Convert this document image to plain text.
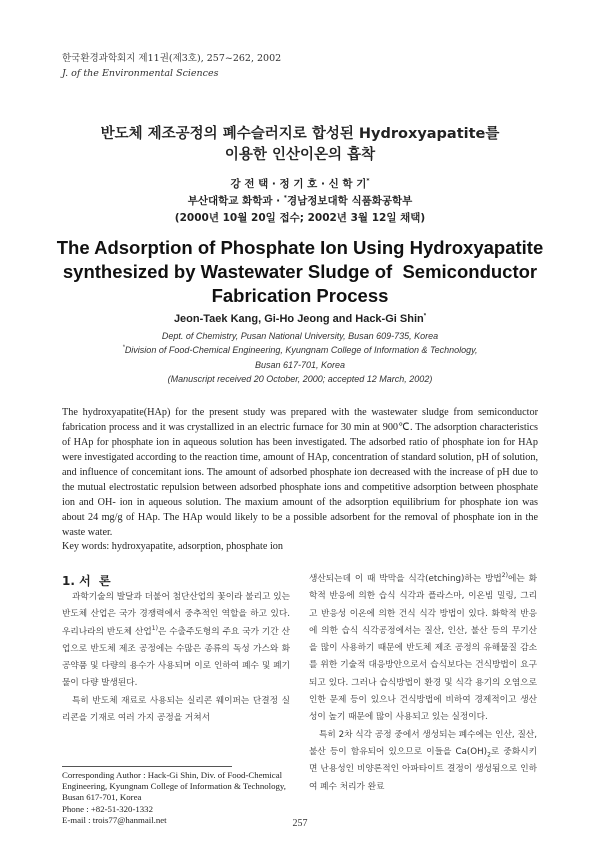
한국환경과학회지 제11권(제3호), 257~262, 2002
J. of the Environmental Sciences
반도체 제조공정의 폐수슬러지로 합성된 Hydroxyapatite를
이용한 인산이온의 흡착
강 전 택 · 정 기 호 · 신 학 기*
부산대학교 화학과 · *경남정보대학 식품화공학부
(2000년 10월 20일 접수; 2002년 3월 12일 채택)
The Adsorption of Phosphate Ion Using Hydroxyapatite
synthesized by Wastewater Sludge of  Semiconductor
Fabrication Process
Jeon-Taek Kang, Gi-Ho Jeong and Hack-Gi Shin*
Dept. of Chemistry, Pusan National University, Busan 609-735, Korea
*Division of Food-Chemical Engineering, Kyungnam College of Information & Technology,
Busan 617-701, Korea
(Manuscript received 20 October, 2000; accepted 12 March, 2002)
The hydroxyapatite(HAp) for the present study was prepared with the wastewater sludge from semiconductor fabrication process and it was crystallized in an electric furnace for 30 min at 900℃. The adsorption characteristics of HAp for phosphate ion in aqueous solution has been investigated. The adsorbed ratio of phosphate ion for HAp were investigated according to the reaction time, amount of HAp, concentration of standard solution, pH of solution, and influence of concemitant ions. The amount of adsorbed phosphate ion decreased with the increase of pH due to the mutual electrostatic repulsion between adsorbed phosphate ions and competitive adsorption between phosphate ion and OH- ion in aqueous solution. The maxium amount of the adsorption equilibrium for phosphate ion was about 24 mg/g of HAp. The HAp would likely to be a possible adsorbent for the removal of phosphate ion in the waste water.
Key words: hydroxyapatite, adsorption, phosphate ion
1. 서  론

과학기술의 발달과 더불어 첨단산업의 꽃이라 불리고 있는 반도체 산업은 국가 경쟁력에서 중추적인 역할을 하고 있다. 우리나라의 반도체 산업$^{1)}$은 수출주도형의 주요 국가 기간 산업으로 반도체 제조 공정에는 수많은 종류의 독성 가스와 화공약품 및 다량의 용수가 사용되며 이로 인하여 폐수 및 폐기물이 다량 발생된다.

특히 반도체 재료로 사용되는 실리콘 웨이퍼는 단결정 실리콘을 기재로 여러 가지 공정을 거쳐서

생산되는데 이 때 박막을 식각(etching)하는 방법$^{2)}$에는 화학적 반응에 의한 습식 식각과 플라스마, 이온빔 밀링, 그리고 반응성 이온에 의한 건식 식각 방법이 있다. 화학적 반응에 의한 습식 식각공정에서는 질산, 인산, 불산 등의 무기산을 많이 사용하기 때문에 반도체 제조 공정의 유해물질 감소를 위한 기술적 대응방안으로서 습식보다는 건식방법이 요구되고 있다. 그러나 습식방법이 환경 및 식각 용기의 오염으로 인한 문제 등이 있으나 건식방법에 비하여 경제적이고 생산성이 높기 때문에 많이 사용되고 있는 실정이다.

특히 2차 식각 공정 중에서 생성되는 폐수에는 인산, 질산, 불산 등이 함유되어 있으므로 이들을 $Ca(OH)_2$로 중화시키면 난용성인 비양론적인 아파타이트 결정이 생성됨으로 인하여 폐수 처리가 완료

Corresponding Author : Hack-Gi Shin, Div. of Food-Chemical Engineering, Kyungnam College of Information & Technology, Busan 617-701, Korea
Phone : +82-51-320-1332
E-mail : trois77@hanmail.net	257
